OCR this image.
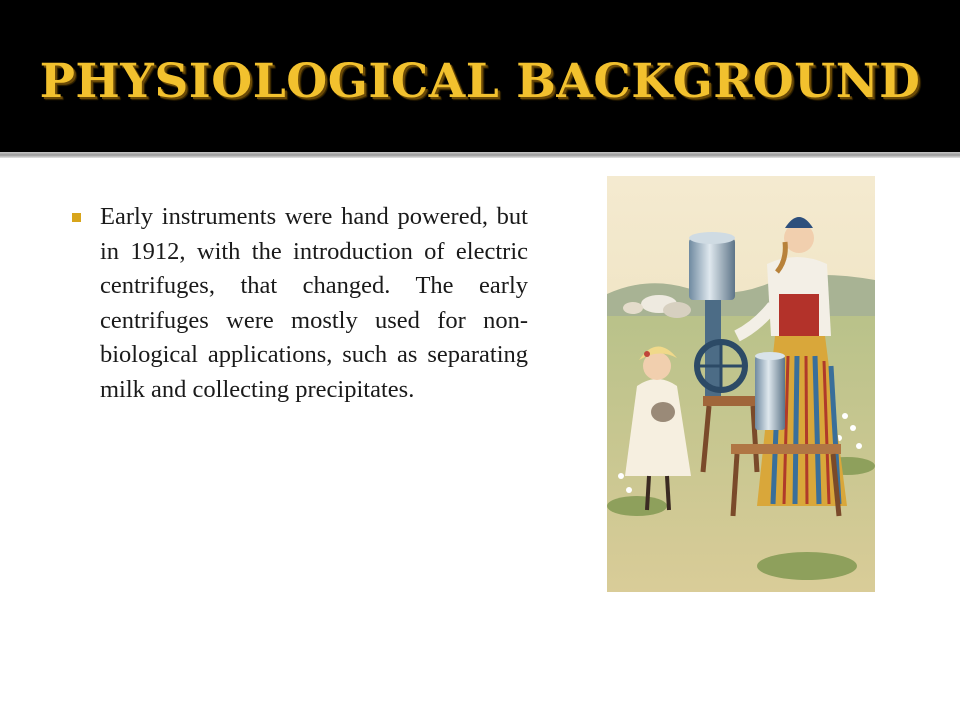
PHYSIOLOGICAL BACKGROUND
Early instruments were hand powered, but in 1912, with the introduction of electric centrifuges, that changed. The early centrifuges were mostly used for non-biological applications, such as separating milk and collecting precipitates.
